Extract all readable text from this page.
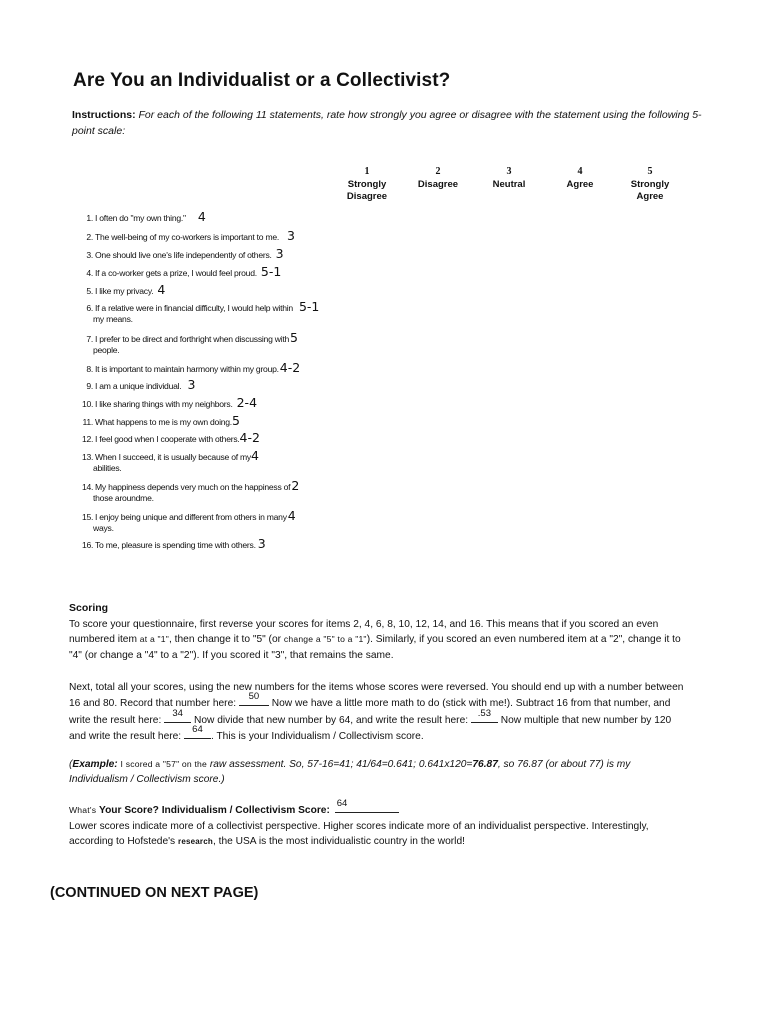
Are You an Individualist or a Collectivist?
Instructions: For each of the following 11 statements, rate how strongly you agree or disagree with the statement using the following 5-point scale:
1
Strongly
Disagree
2
Disagree
3
Neutral
4
Agree
5
Strongly
Agree
1. I often do "my own thing." 4
2. The well-being of my co-workers is important to me. 3
3. One should live one's life independently of others. 3
4. If a co-worker gets a prize, I would feel proud. 5-1
5. I like my privacy. 4
6. If a relative were in financial difficulty, I would help within 5-1
my means.
7. I prefer to be direct and forthright when discussing with5
people.
8. It is important to maintain harmony within my group.4-2
9. I am a unique individual. 3
10. I like sharing things with my neighbors. 2-4
11. What happens to me is my own doing.5
12. I feel good when I cooperate with others.4-2
13. When I succeed, it is usually because of my4
abilities.
14. My happiness depends very much on the happiness of2
those aroundme.
15. I enjoy being unique and different from others in many4
ways.
16. To me, pleasure is spending time with others. 3
Scoring
To score your questionnaire, first reverse your scores for items 2, 4, 6, 8, 10, 12, 14, and 16. This means that if you scored an even numbered item at a "1", then change it to "5" (or change a "5" to a "1"). Similarly, if you scored an even numbered item at a "2", change it to "4" (or change a "4" to a "2"). If you scored it "3", that remains the same.
Next, total all your scores, using the new numbers for the items whose scores were reversed. You should end up with a number between 16 and 80. Record that number here:
50
Now we have a little more math to do (stick with me!). Subtract 16 from that number, and write the result here:
34
Now divide that new number by 64, and write the result here:
.53
Now multiple that new number by 120 and write the result here:
64
. This is your Individualism / Collectivism score.
(Example: I scored a "57" on the raw assessment. So, 57-16=41; 41/64=0.641; 0.641x120=76.87, so 76.87 (or about 77) is my Individualism / Collectivism score.)
What's Your Score? Individualism / Collectivism Score:
64
Lower scores indicate more of a collectivist perspective. Higher scores indicate more of an individualist perspective. Interestingly, according to Hofstede's research, the USA is the most individualistic country in the world!
(CONTINUED ON NEXT PAGE)
